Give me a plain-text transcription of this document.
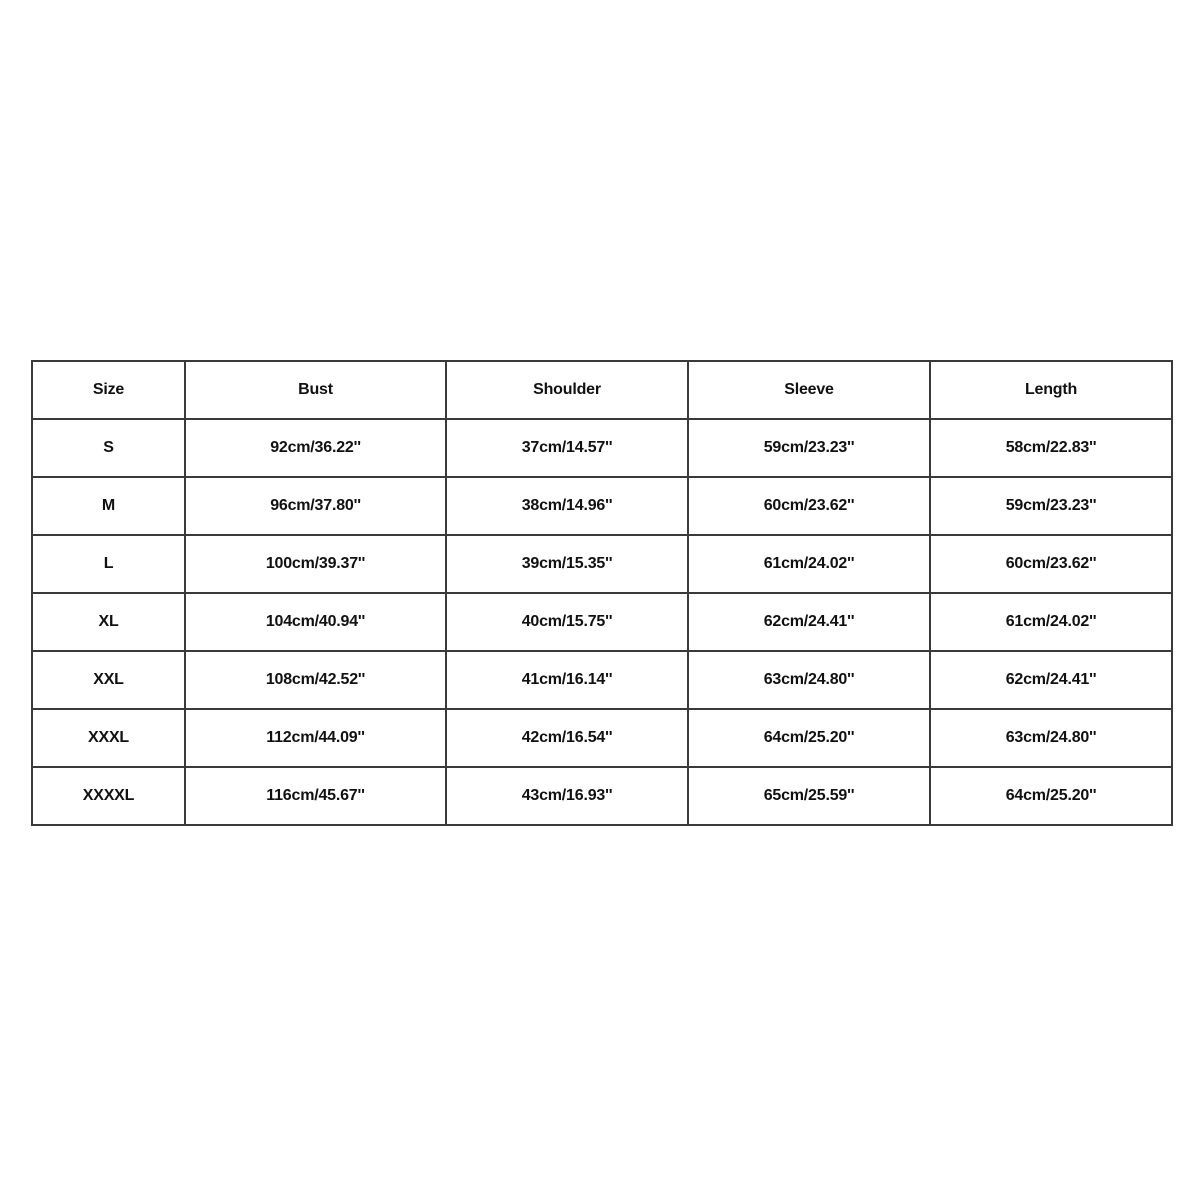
Size	Bust	Shoulder	Sleeve	Length
S	92cm/36.22''	37cm/14.57''	59cm/23.23''	58cm/22.83''
M	96cm/37.80''	38cm/14.96''	60cm/23.62''	59cm/23.23''
L	100cm/39.37''	39cm/15.35''	61cm/24.02''	60cm/23.62''
XL	104cm/40.94''	40cm/15.75''	62cm/24.41''	61cm/24.02''
XXL	108cm/42.52''	41cm/16.14''	63cm/24.80''	62cm/24.41''
XXXL	112cm/44.09''	42cm/16.54''	64cm/25.20''	63cm/24.80''
XXXXL	116cm/45.67''	43cm/16.93''	65cm/25.59''	64cm/25.20''
